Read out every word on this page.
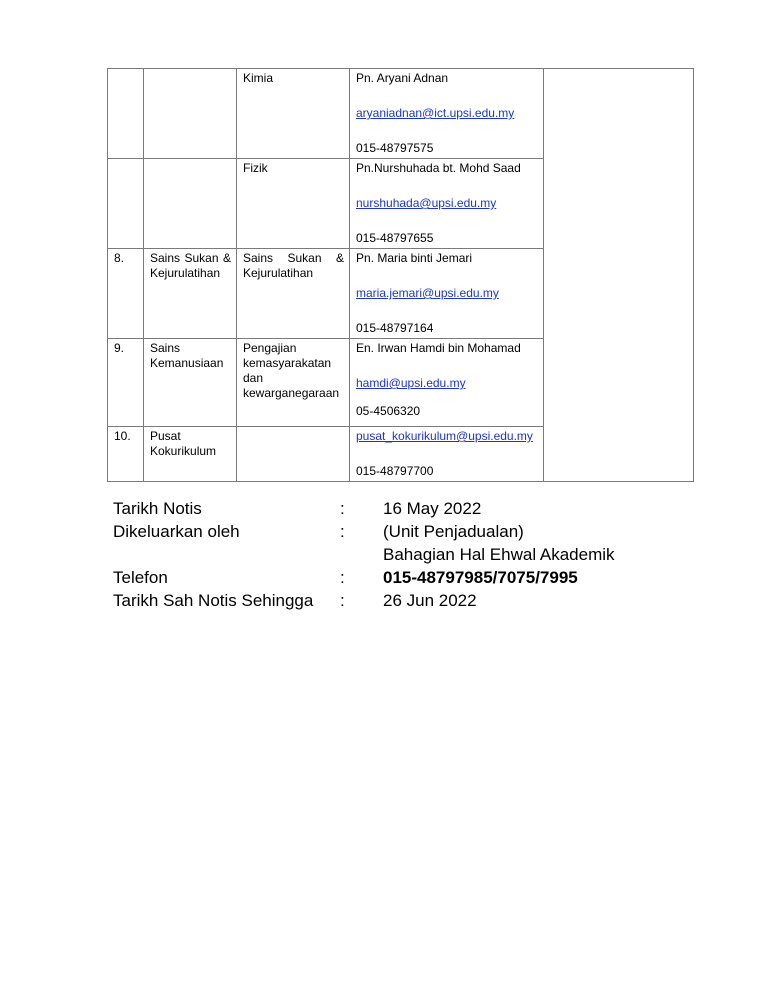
		Kimia	Pn. Aryani Adnan
aryaniadnan@ict.upsi.edu.my
015-48797575	

		Fizik	Pn.Nurshuhada bt. Mohd Saad
nurshuhada@upsi.edu.my
015-48797655	

8.	Sains Sukan & Kejurulatihan	Sains Sukan & Kejurulatihan	Pn. Maria binti Jemari
maria.jemari@upsi.edu.my
015-48797164	

9.	Sains Kemanusiaan	Pengajian kemasyarakatan dan kewarganegaraan	En. Irwan Hamdi bin Mohamad
hamdi@upsi.edu.my
05-4506320	

10.	Pusat Kokurikulum		pusat_kokurikulum@upsi.edu.my
015-48797700	
Tarikh Notis	: 16 May 2022
Dikeluarkan oleh	: (Unit Penjadualan)
Bahagian Hal Ehwal Akademik
Telefon	: 015-48797985/7075/7995
Tarikh Sah Notis Sehingga : 26 Jun 2022
